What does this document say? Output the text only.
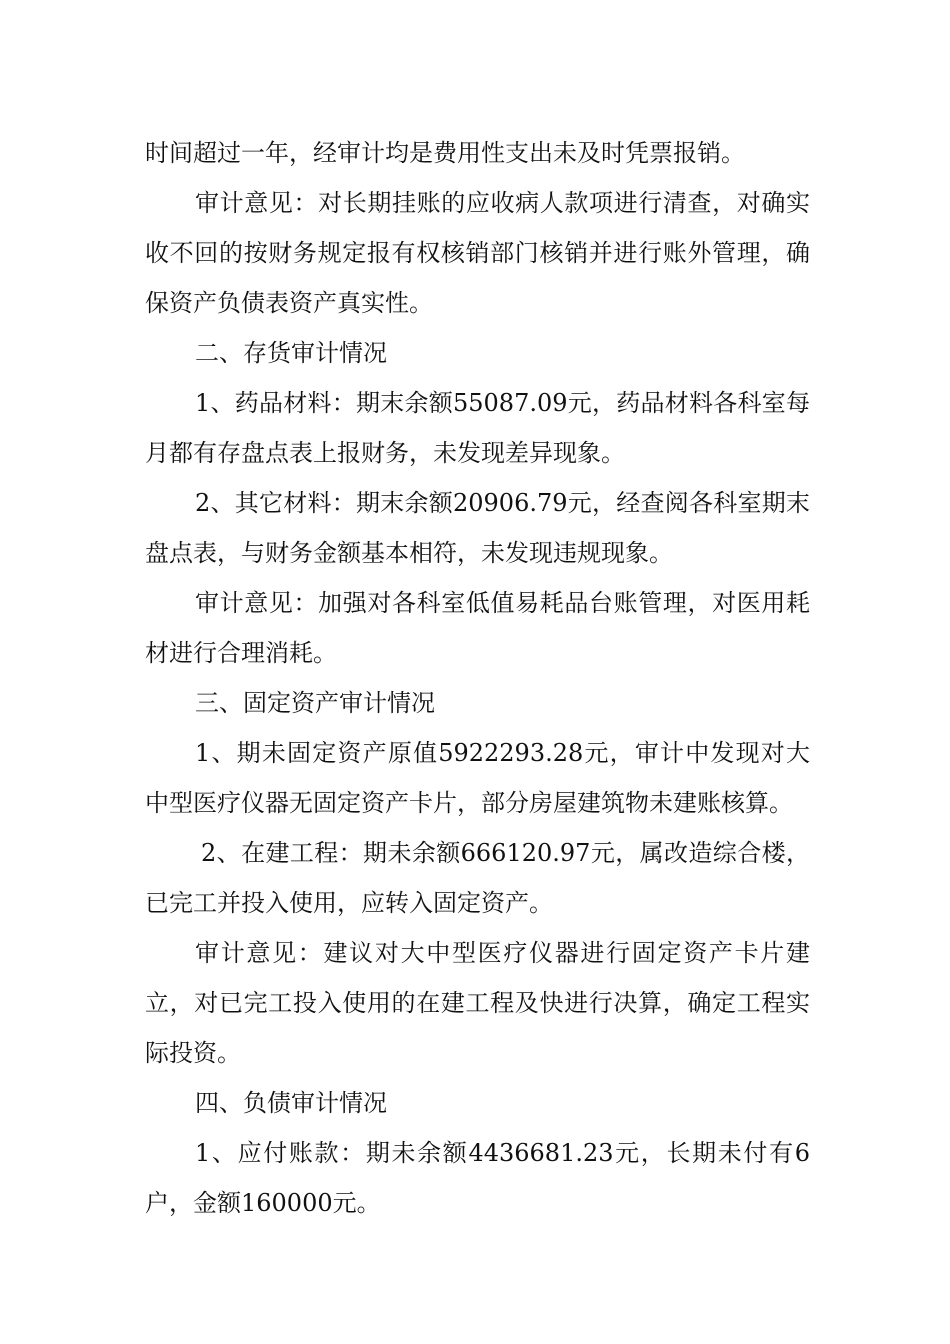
时间超过一年，经审计均是费用性支出未及时凭票报销。

审计意见：对长期挂账的应收病人款项进行清查，对确实收不回的按财务规定报有权核销部门核销并进行账外管理，确保资产负债表资产真实性。

二、存货审计情况

1、药品材料：期末余额55087.09元，药品材料各科室每月都有存盘点表上报财务，未发现差异现象。

2、其它材料：期末余额20906.79元，经查阅各科室期末盘点表，与财务金额基本相符，未发现违规现象。

审计意见：加强对各科室低值易耗品台账管理，对医用耗材进行合理消耗。

三、固定资产审计情况

1、期未固定资产原值5922293.28元，审计中发现对大中型医疗仪器无固定资产卡片，部分房屋建筑物未建账核算。

2、在建工程：期未余额666120.97元，属改造综合楼，已完工并投入使用，应转入固定资产。

审计意见：建议对大中型医疗仪器进行固定资产卡片建立，对已完工投入使用的在建工程及快进行决算，确定工程实际投资。

四、负债审计情况

1、应付账款：期未余额4436681.23元，长期未付有6户，金额160000元。
